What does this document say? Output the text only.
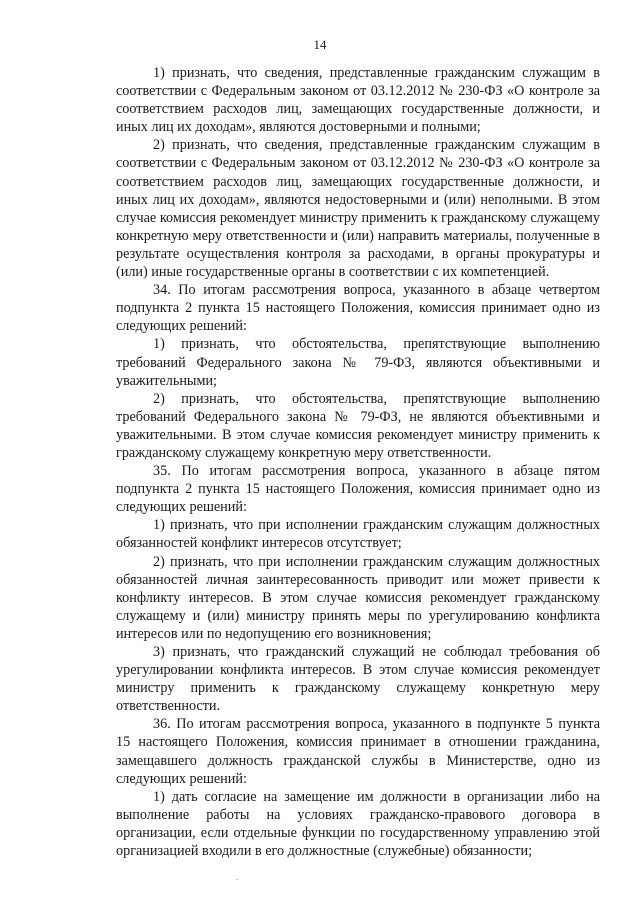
14

1) признать, что сведения, представленные гражданским служащим в соответствии с Федеральным законом от 03.12.2012 № 230-ФЗ «О контроле за соответствием расходов лиц, замещающих государственные должности, и иных лиц их доходам», являются достоверными и полными;

2) признать, что сведения, представленные гражданским служащим в соответствии с Федеральным законом от 03.12.2012 № 230-ФЗ «О контроле за соответствием расходов лиц, замещающих государственные должности, и иных лиц их доходам», являются недостоверными и (или) неполными. В этом случае комиссия рекомендует министру применить к гражданскому служащему конкретную меру ответственности и (или) направить материалы, полученные в результате осуществления контроля за расходами, в органы прокуратуры и (или) иные государственные органы в соответствии с их компетенцией.

34. По итогам рассмотрения вопроса, указанного в абзаце четвертом подпункта 2 пункта 15 настоящего Положения, комиссия принимает одно из следующих решений:

1) признать, что обстоятельства, препятствующие выполнению требований Федерального закона № 79-ФЗ, являются объективными и уважительными;

2) признать, что обстоятельства, препятствующие выполнению требований Федерального закона № 79-ФЗ, не являются объективными и уважительными. В этом случае комиссия рекомендует министру применить к гражданскому служащему конкретную меру ответственности.

35. По итогам рассмотрения вопроса, указанного в абзаце пятом подпункта 2 пункта 15 настоящего Положения, комиссия принимает одно из следующих решений:

1) признать, что при исполнении гражданским служащим должностных обязанностей конфликт интересов отсутствует;

2) признать, что при исполнении гражданским служащим должностных обязанностей личная заинтересованность приводит или может привести к конфликту интересов. В этом случае комиссия рекомендует гражданскому служащему и (или) министру принять меры по урегулированию конфликта интересов или по недопущению его возникновения;

3) признать, что гражданский служащий не соблюдал требования об урегулировании конфликта интересов. В этом случае комиссия рекомендует министру применить к гражданскому служащему конкретную меру ответственности.

36. По итогам рассмотрения вопроса, указанного в подпункте 5 пункта 15 настоящего Положения, комиссия принимает в отношении гражданина, замещавшего должность гражданской службы в Министерстве, одно из следующих решений:

1) дать согласие на замещение им должности в организации либо на выполнение работы на условиях гражданско-правового договора в организации, если отдельные функции по государственному управлению этой организацией входили в его должностные (служебные) обязанности;
